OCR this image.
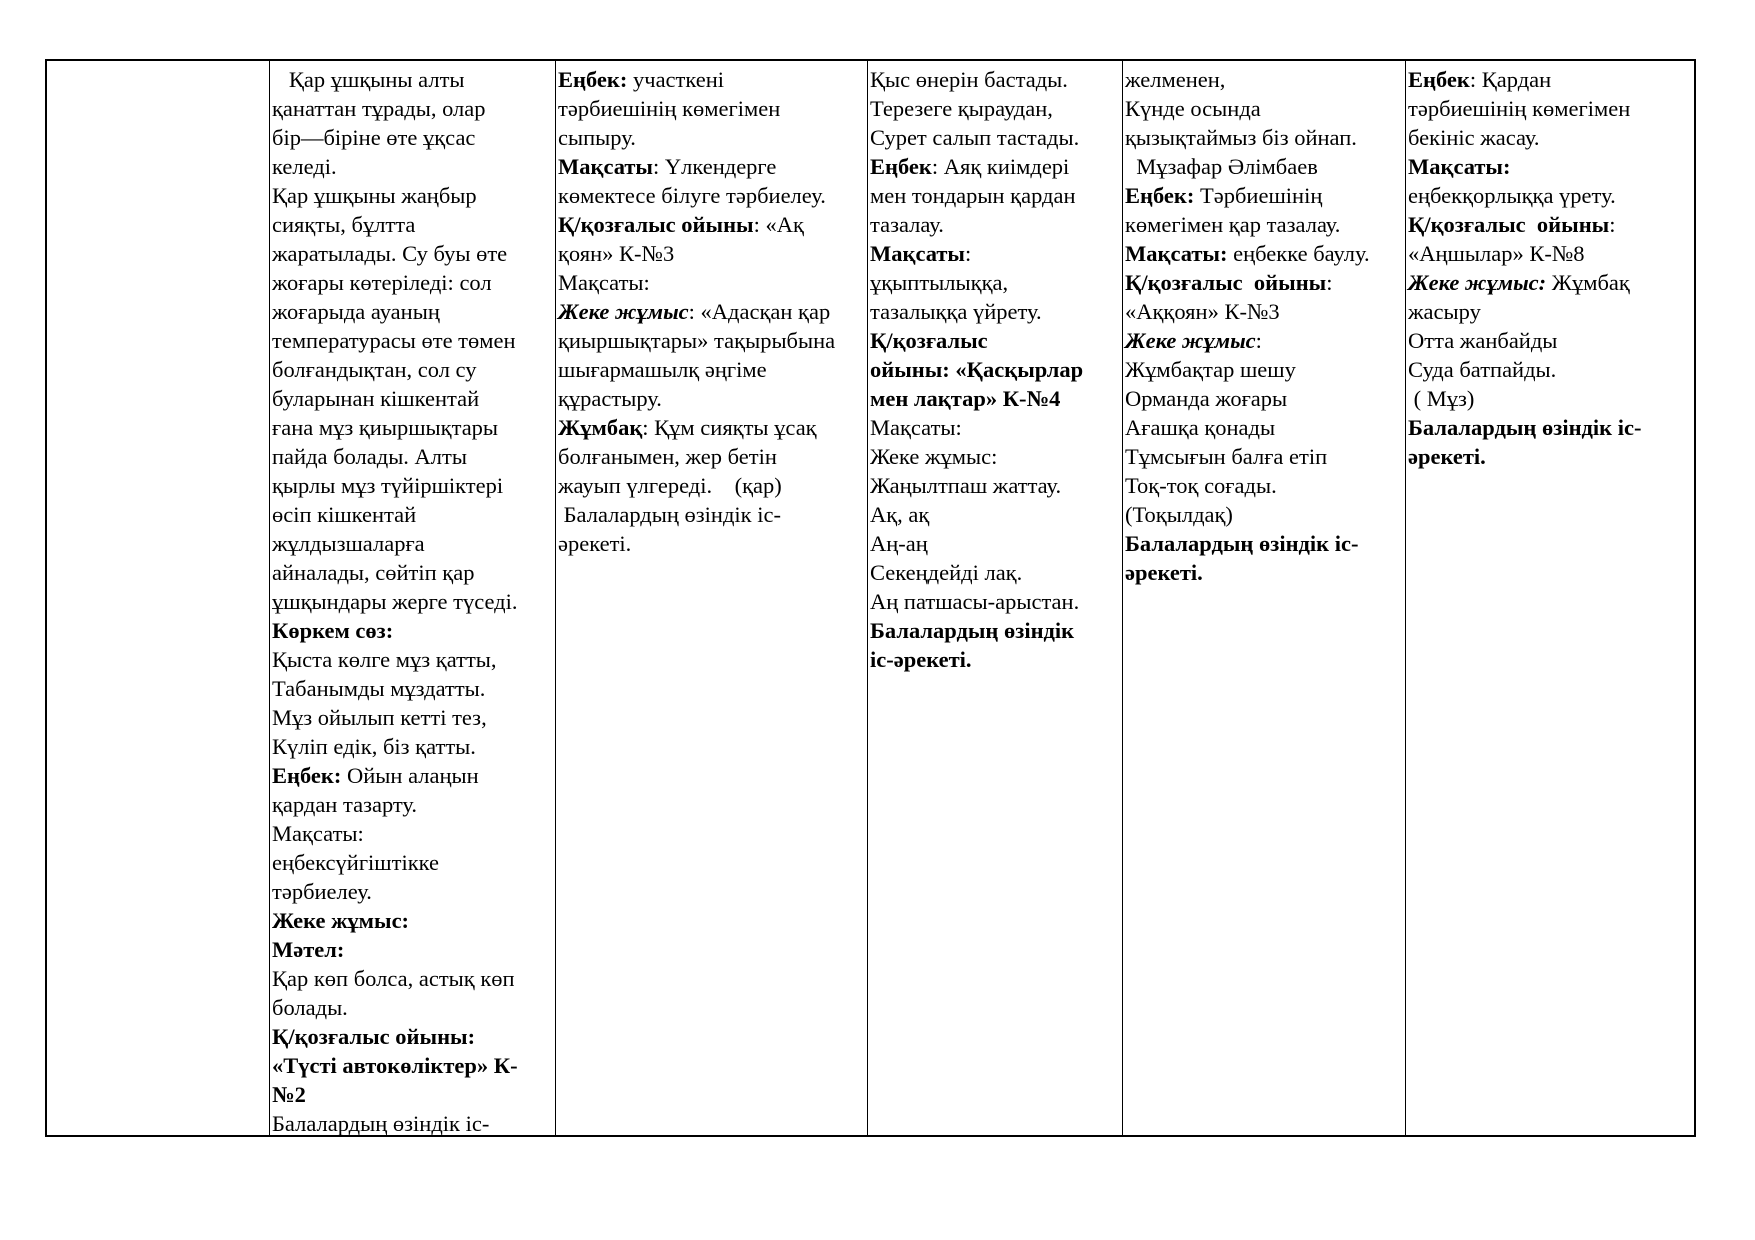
Қар ұшқыны алты
қанаттан тұрады, олар
бір—біріне өте ұқсас
келеді.
Қар ұшқыны жаңбыр
сияқты, бұлтта
жаратылады. Су буы өте
жоғары көтеріледі: сол
жоғарыда ауаның
температурасы өте төмен
болғандықтан, сол су
буларынан кішкентай
ғана мұз қиыршықтары
пайда болады. Алты
қырлы мұз түйіршіктері
өсіп кішкентай
жұлдызшаларға
айналады, сөйтіп қар
ұшқындары жерге түседі.
Көркем сөз:
Қыста көлге мұз қатты,
Табанымды мұздатты.
Мұз ойылып кетті тез,
Күліп едік, біз қатты.
Еңбек: Ойын алаңын
қардан тазарту.
Мақсаты:
еңбексүйгіштікке
тәрбиелеу.
Жеке жұмыс:
Мәтел:
Қар көп болса, астық көп
болады.
Қ/қозғалыс ойыны:
«Түсті автокөліктер» К-
№2
Балалардың өзіндік іс-
Еңбек: участкені
тәрбиешінің көмегімен
сыпыру.
Мақсаты: Үлкендерге
көмектесе білуге тәрбиелеу.
Қ/қозғалыс ойыны: «Ақ
қоян» К-№3
Мақсаты:
Жеке жұмыс: «Адасқан қар
қиыршықтары» тақырыбына
шығармашылқ әңгіме
құрастыру.
Жұмбақ: Құм сияқты ұсақ
болғанымен, жер бетін
жауып үлгереді.    (қар)
Балалардың өзіндік іс-
әрекеті.
Қыс өнерін бастады.
Терезеге қыраудан,
Сурет салып тастады.
Еңбек: Аяқ киімдері
мен тондарын қардан
тазалау.
Мақсаты:
ұқыптылыққа,
тазалыққа үйрету.
Қ/қозғалыс
ойыны: «Қасқырлар
мен лақтар» К-№4
Мақсаты:
Жеке жұмыс:
Жаңылтпаш жаттау.
Ақ, ақ
Аң-аң
Секеңдейді лақ.
Аң патшасы-арыстан.
Балалардың өзіндік
іс-әрекеті.
желменен,
Күнде осында
қызықтаймыз біз ойнап.
Мұзафар Әлімбаев
Еңбек: Тәрбиешінің
көмегімен қар тазалау.
Мақсаты: еңбекке баулу.
Қ/қозғалыс  ойыны:
«Аққоян» К-№3
Жеке жұмыс:
Жұмбақтар шешу
Орманда жоғары
Ағашқа қонады
Тұмсығын балға етіп
Тоқ-тоқ соғады.
(Тоқылдақ)
Балалардың өзіндік іс-
әрекеті.
Еңбек: Қардан
тәрбиешінің көмегімен
бекініс жасау.
Мақсаты:
еңбекқорлыққа үрету.
Қ/қозғалыс  ойыны:
«Аңшылар» К-№8
Жеке жұмыс: Жұмбақ
жасыру
Отта жанбайды
Суда батпайды.
( Мұз)
Балалардың өзіндік іс-
әрекеті.
